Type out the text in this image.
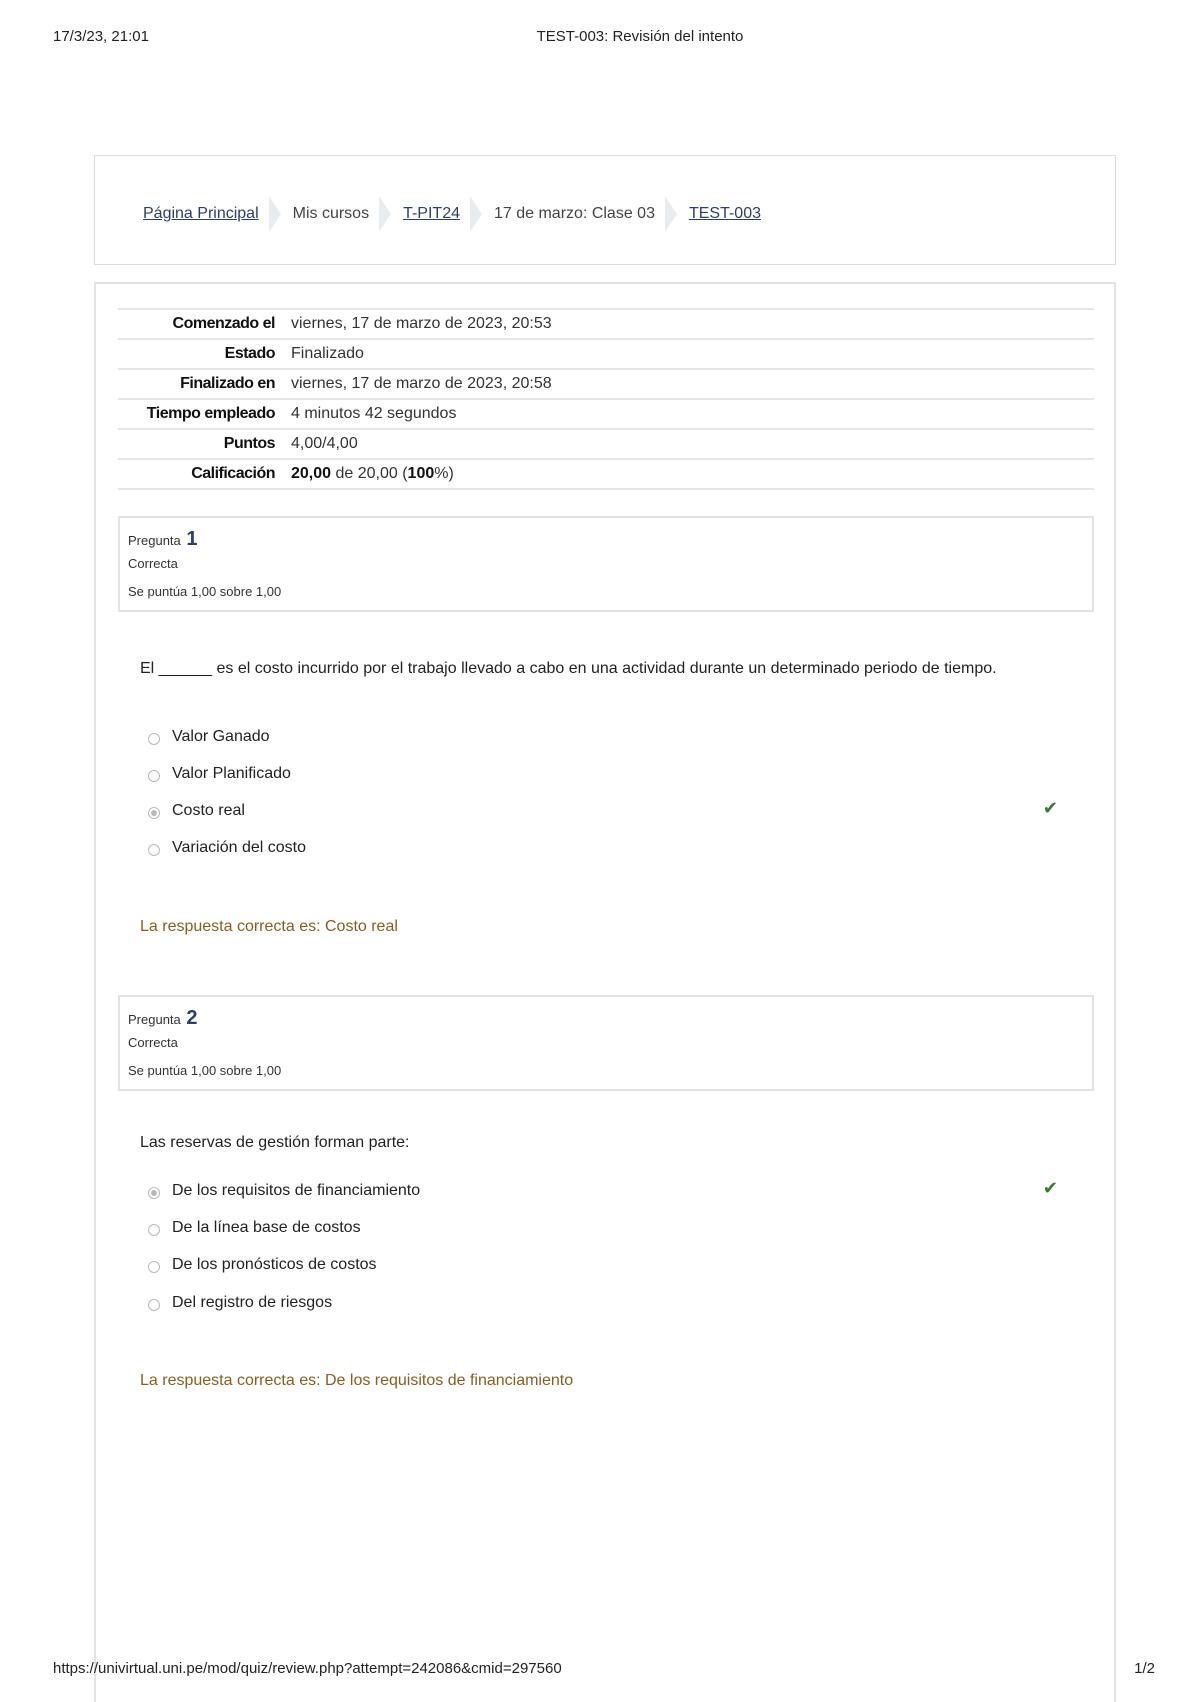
17/3/23, 21:01	TEST-003: Revisión del intento
Página Principal Mis cursos T-PIT24 17 de marzo: Clase 03 TEST-003
Comenzado el	viernes, 17 de marzo de 2023, 20:53
Estado	Finalizado
Finalizado en	viernes, 17 de marzo de 2023, 20:58
Tiempo empleado	4 minutos 42 segundos
Puntos	4,00/4,00
Calificación	20,00 de 20,00 (100%)
Pregunta 1
Correcta
Se puntúa 1,00 sobre 1,00
El ______ es el costo incurrido por el trabajo llevado a cabo en una actividad durante un determinado periodo de tiempo.
Valor Ganado
Valor Planificado
Costo real	✔
Variación del costo
La respuesta correcta es: Costo real
Pregunta 2
Correcta
Se puntúa 1,00 sobre 1,00
Las reservas de gestión forman parte:
De los requisitos de financiamiento	✔
De la línea base de costos
De los pronósticos de costos
Del registro de riesgos
La respuesta correcta es: De los requisitos de financiamiento
https://univirtual.uni.pe/mod/quiz/review.php?attempt=242086&cmid=297560	1/2
